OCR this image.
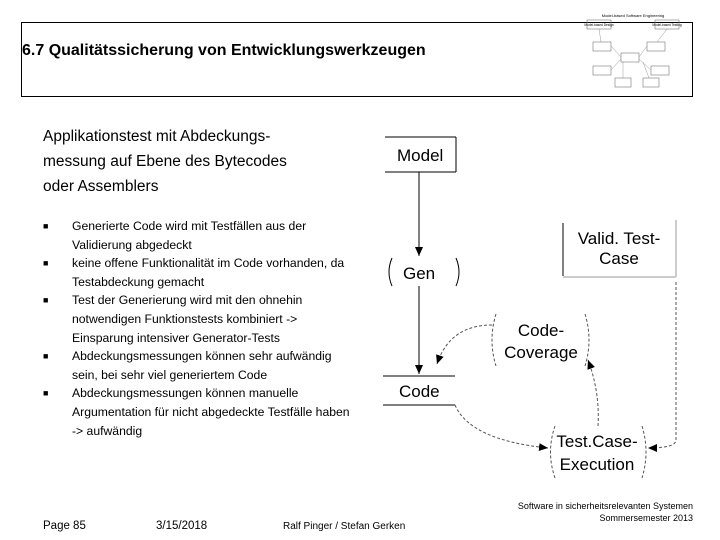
6.7 Qualitätssicherung von Entwicklungswerkzeugen
Model-based Software Engineering
Model-based Design	Model-based Testing
Applikationstest mit Abdeckungs-
messung auf Ebene des Bytecodes
oder Assemblers
■ Generierte Code wird mit Testfällen aus der Validierung abgedeckt
■ keine offene Funktionalität im Code vorhanden, da Testabdeckung gemacht
■ Test der Generierung wird mit den ohnehin notwendigen Funktionstests kombiniert -> Einsparung intensiver Generator-Tests
■ Abdeckungsmessungen können sehr aufwändig sein, bei sehr viel generiertem Code
■ Abdeckungsmessungen können manuelle Argumentation für nicht abgedeckte Testfälle haben -> aufwändig
Model
Gen
Code
Valid. Test-
Case
Code-
Coverage
Test.Case-
Execution
Page 85	3/15/2018	Ralf Pinger / Stefan Gerken
Software in sicherheitsrelevanten Systemen
Sommersemester 2013
